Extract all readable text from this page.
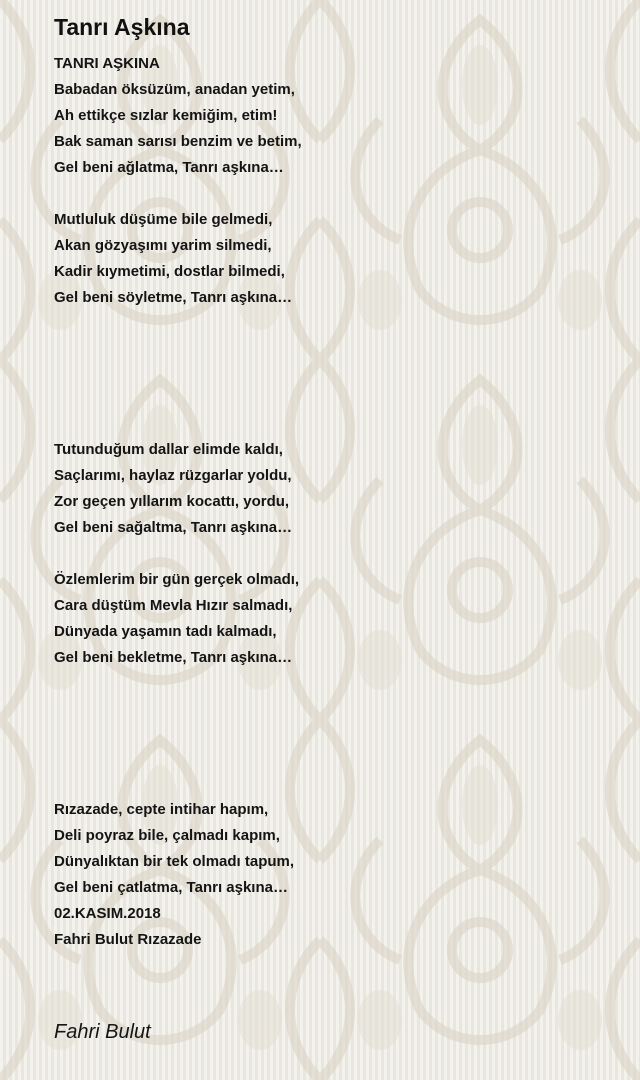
Tanrı Aşkına
TANRI AŞKINA
Babadan öksüzüm, anadan yetim,
Ah ettikçe sızlar kemiğim, etim!
Bak saman sarısı benzim ve betim,
Gel beni ağlatma, Tanrı aşkına…
Mutluluk düşüme bile gelmedi,
Akan gözyaşımı yarim silmedi,
Kadir kıymetimi, dostlar bilmedi,
Gel beni söyletme, Tanrı aşkına…
Tutunduğum dallar elimde kaldı,
Saçlarımı, haylaz rüzgarlar yoldu,
Zor geçen yıllarım kocattı, yordu,
Gel beni sağaltma, Tanrı aşkına…
Özlemlerim bir gün gerçek olmadı,
Cara düştüm Mevla Hızır salmadı,
Dünyada yaşamın tadı kalmadı,
Gel beni bekletme, Tanrı aşkına…
Rızazade, cepte intihar hapım,
Deli poyraz bile, çalmadı kapım,
Dünyalıktan bir tek olmadı tapum,
Gel beni çatlatma, Tanrı aşkına…
02.KASIM.2018
Fahri Bulut Rızazade

Fahri Bulut
